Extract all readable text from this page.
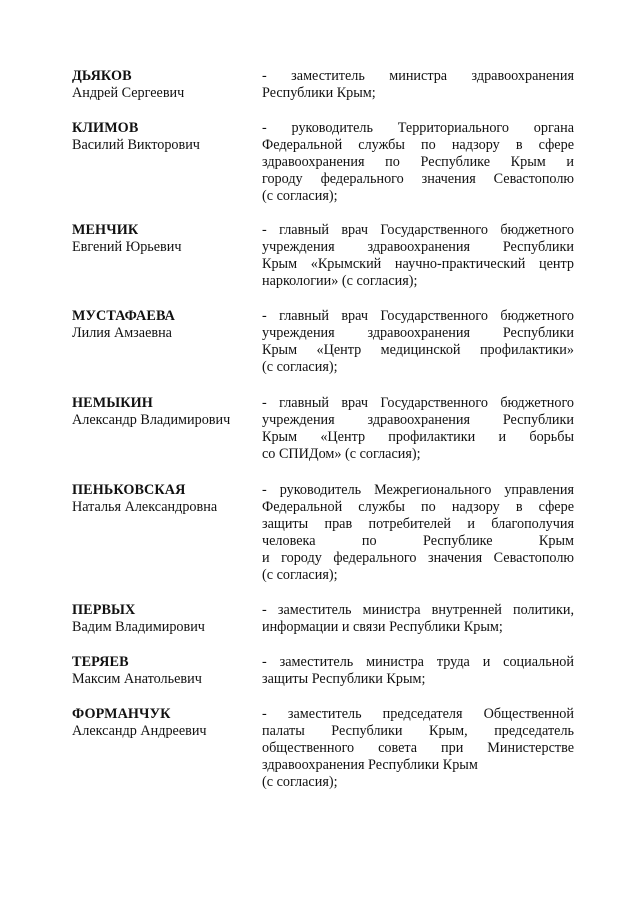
ДЬЯКОВ
Андрей Сергеевич
- заместитель министра здравоохранения
Республики Крым;
КЛИМОВ
Василий Викторович
- руководитель Территориального органа
Федеральной службы по надзору в сфере
здравоохранения по Республике Крым и
городу федерального значения Севастополю
(с согласия);
МЕНЧИК
Евгений Юрьевич
- главный врач Государственного бюджетного
учреждения здравоохранения Республики
Крым «Крымский научно-практический центр
наркологии» (с согласия);
МУСТАФАЕВА
Лилия Амзаевна
- главный врач Государственного бюджетного
учреждения здравоохранения Республики
Крым «Центр медицинской профилактики»
(с согласия);
НЕМЫКИН
Александр Владимирович
- главный врач Государственного бюджетного
учреждения здравоохранения Республики
Крым «Центр профилактики и борьбы
со СПИДом» (с согласия);
ПЕНЬКОВСКАЯ
Наталья Александровна
- руководитель Межрегионального управления
Федеральной службы по надзору в сфере
защиты прав потребителей и благополучия
человека по Республике Крым
и городу федерального значения Севастополю
(с согласия);
ПЕРВЫХ
Вадим Владимирович
- заместитель министра внутренней политики,
информации и связи Республики Крым;
ТЕРЯЕВ
Максим Анатольевич
- заместитель министра труда и социальной
защиты Республики Крым;
ФОРМАНЧУК
Александр Андреевич
- заместитель председателя Общественной
палаты Республики Крым, председатель
общественного совета при Министерстве
здравоохранения Республики Крым
(с согласия);
